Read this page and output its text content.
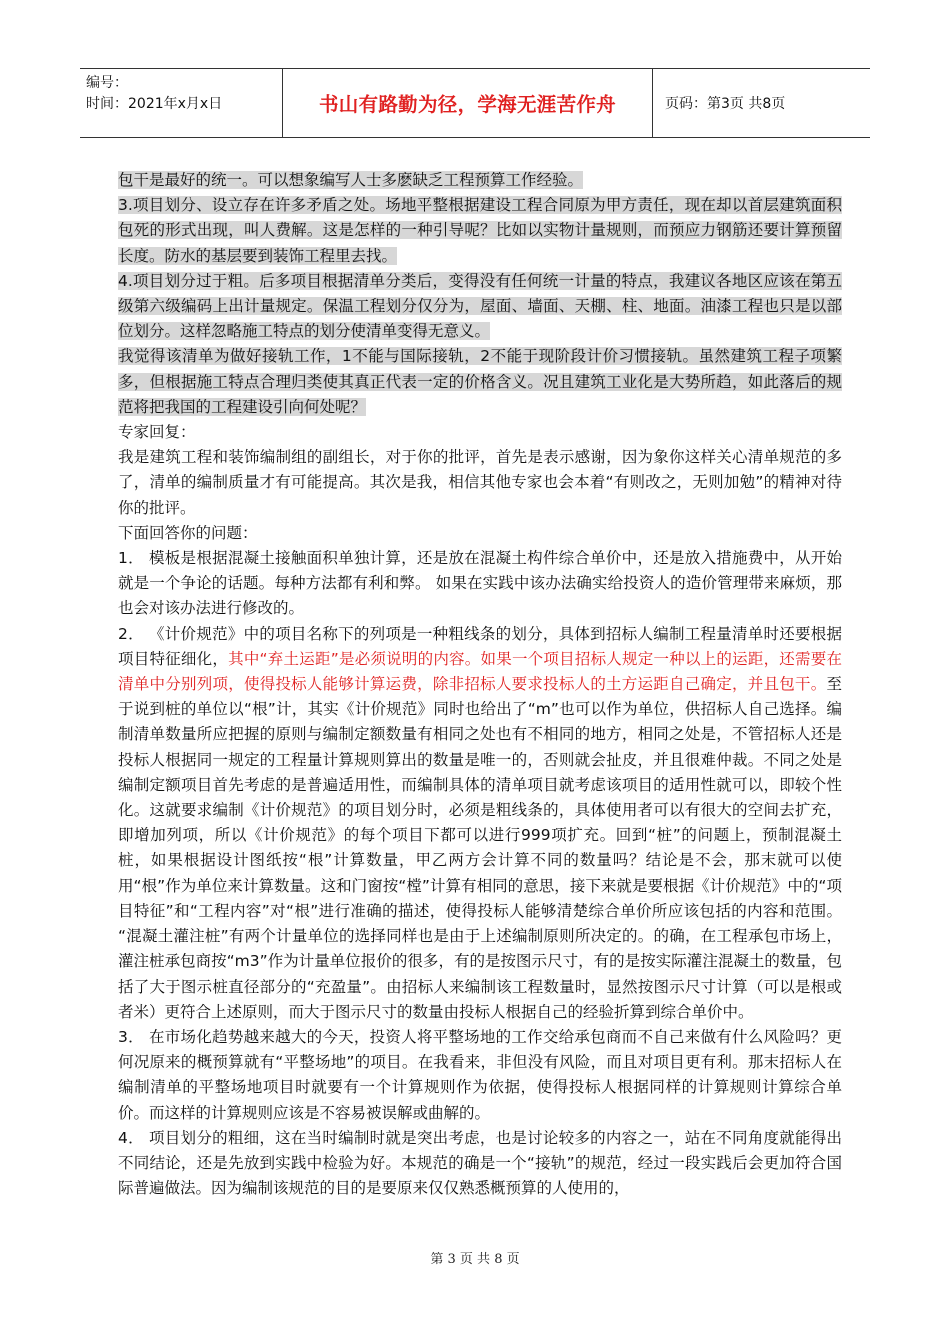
编号：
时间：2021年x月x日	书山有路勤为径，学海无涯苦作舟	页码：第3页 共8页

包干是最好的统一。可以想象编写人士多麽缺乏工程预算工作经验。

3.项目划分、设立存在许多矛盾之处。场地平整根据建设工程合同原为甲方责任，现在却以首层建筑面积包死的形式出现，叫人费解。这是怎样的一种引导呢？比如以实物计量规则，而预应力钢筋还要计算预留长度。防水的基层要到装饰工程里去找。

4.项目划分过于粗。后多项目根据清单分类后，变得没有任何统一计量的特点，我建议各地区应该在第五级第六级编码上出计量规定。保温工程划分仅分为，屋面、墙面、天棚、柱、地面。油漆工程也只是以部位划分。这样忽略施工特点的划分使清单变得无意义。

我觉得该清单为做好接轨工作，1不能与国际接轨，2不能于现阶段计价习惯接轨。虽然建筑工程子项繁多，但根据施工特点合理归类使其真正代表一定的价格含义。况且建筑工业化是大势所趋，如此落后的规范将把我国的工程建设引向何处呢？

专家回复：

我是建筑工程和装饰编制组的副组长，对于你的批评，首先是表示感谢，因为象你这样关心清单规范的多了，清单的编制质量才有可能提高。其次是我，相信其他专家也会本着“有则改之，无则加勉”的精神对待你的批评。

下面回答你的问题：

1． 模板是根据混凝土接触面积单独计算，还是放在混凝土构件综合单价中，还是放入措施费中，从开始就是一个争论的话题。每种方法都有利和弊。 如果在实践中该办法确实给投资人的造价管理带来麻烦，那也会对该办法进行修改的。

2． 《计价规范》中的项目名称下的列项是一种粗线条的划分，具体到招标人编制工程量清单时还要根据项目特征细化，其中“弃土运距”是必须说明的内容。如果一个项目招标人规定一种以上的运距，还需要在清单中分别列项，使得投标人能够计算运费，除非招标人要求投标人的土方运距自己确定，并且包干。至于说到桩的单位以“根”计，其实《计价规范》同时也给出了“m”也可以作为单位，供招标人自己选择。编制清单数量所应把握的原则与编制定额数量有相同之处也有不相同的地方，相同之处是，不管招标人还是投标人根据同一规定的工程量计算规则算出的数量是唯一的，否则就会扯皮，并且很难仲裁。不同之处是编制定额项目首先考虑的是普遍适用性，而编制具体的清单项目就考虑该项目的适用性就可以，即较个性化。这就要求编制《计价规范》的项目划分时，必须是粗线条的，具体使用者可以有很大的空间去扩充，即增加列项，所以《计价规范》的每个项目下都可以进行999项扩充。回到“桩”的问题上，预制混凝土桩，如果根据设计图纸按“根”计算数量，甲乙两方会计算不同的数量吗？结论是不会，那末就可以使用“根”作为单位来计算数量。这和门窗按“樘”计算有相同的意思，接下来就是要根据《计价规范》中的“项目特征”和“工程内容”对“根”进行准确的描述，使得投标人能够清楚综合单价所应该包括的内容和范围。 “混凝土灌注桩”有两个计量单位的选择同样也是由于上述编制原则所决定的。的确，在工程承包市场上，灌注桩承包商按“m3”作为计量单位报价的很多，有的是按图示尺寸，有的是按实际灌注混凝土的数量，包括了大于图示桩直径部分的“充盈量”。由招标人来编制该工程数量时，显然按图示尺寸计算（可以是根或者米）更符合上述原则，而大于图示尺寸的数量由投标人根据自己的经验折算到综合单价中。

3． 在市场化趋势越来越大的今天，投资人将平整场地的工作交给承包商而不自己来做有什么风险吗？更何况原来的概预算就有“平整场地”的项目。在我看来，非但没有风险，而且对项目更有利。那末招标人在编制清单的平整场地项目时就要有一个计算规则作为依据，使得投标人根据同样的计算规则计算综合单价。而这样的计算规则应该是不容易被误解或曲解的。

4． 项目划分的粗细，这在当时编制时就是突出考虑，也是讨论较多的内容之一，站在不同角度就能得出不同结论，还是先放到实践中检验为好。本规范的确是一个“接轨”的规范，经过一段实践后会更加符合国际普遍做法。因为编制该规范的目的是要原来仅仅熟悉概预算的人使用的，

第 3 页 共 8 页
